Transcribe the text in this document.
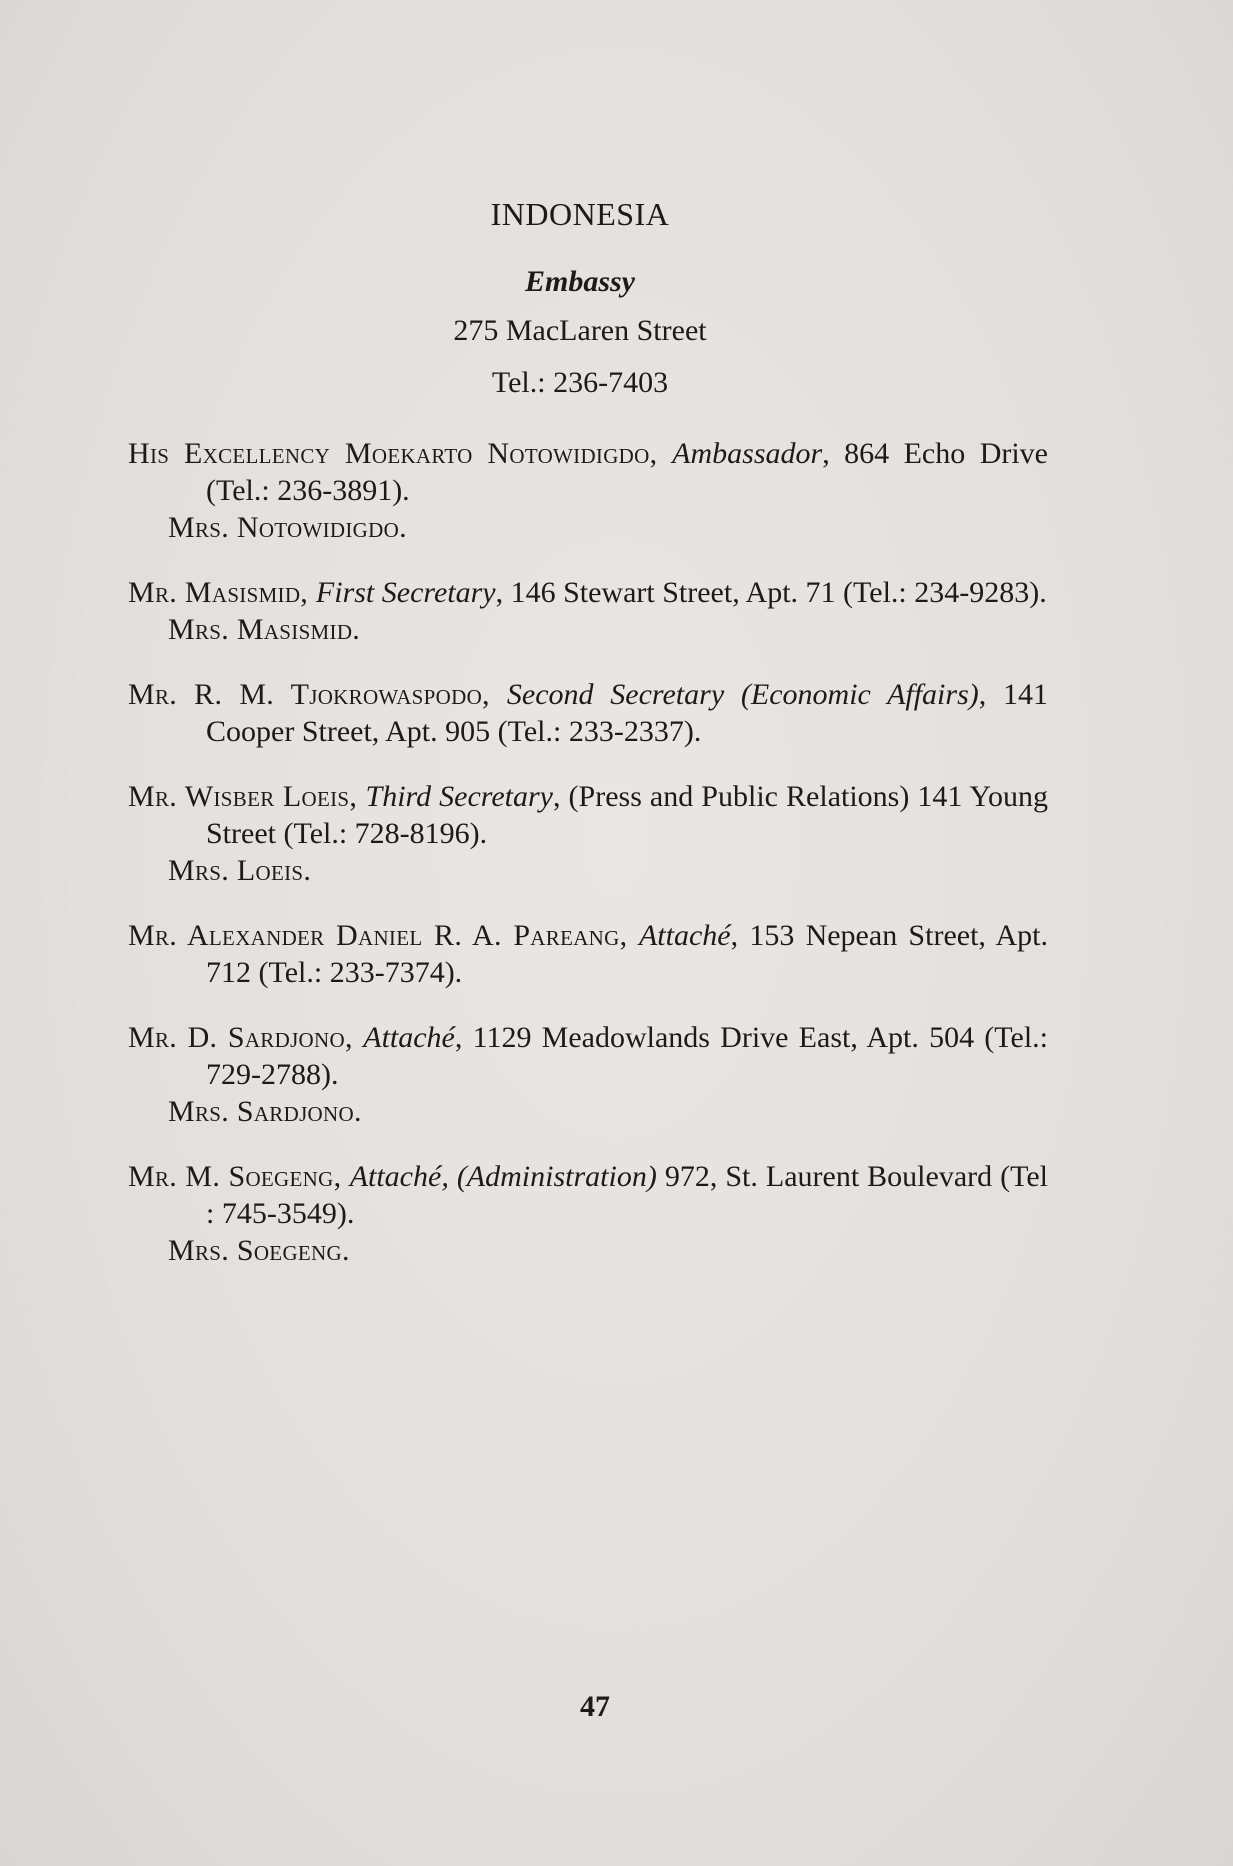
INDONESIA
Embassy
275 MacLaren Street
Tel.: 236-7403
His Excellency Moekarto Notowidigdo, Ambassador, 864 Echo Drive (Tel.: 236-3891).
Mrs. Notowidigdo.
Mr. Masismid, First Secretary, 146 Stewart Street, Apt. 71 (Tel.: 234-9283).
Mrs. Masismid.
Mr. R. M. Tjokrowaspodo, Second Secretary (Economic Affairs), 141 Cooper Street, Apt. 905 (Tel.: 233-2337).
Mr. Wisber Loeis, Third Secretary, (Press and Public Relations) 141 Young Street (Tel.: 728-8196).
Mrs. Loeis.
Mr. Alexander Daniel R. A. Pareang, Attaché, 153 Nepean Street, Apt. 712 (Tel.: 233-7374).
Mr. D. Sardjono, Attaché, 1129 Meadowlands Drive East, Apt. 504 (Tel.: 729-2788).
Mrs. Sardjono.
Mr. M. Soegeng, Attaché, (Administration) 972, St. Laurent Boulevard (Tel : 745-3549).
Mrs. Soegeng.
47
